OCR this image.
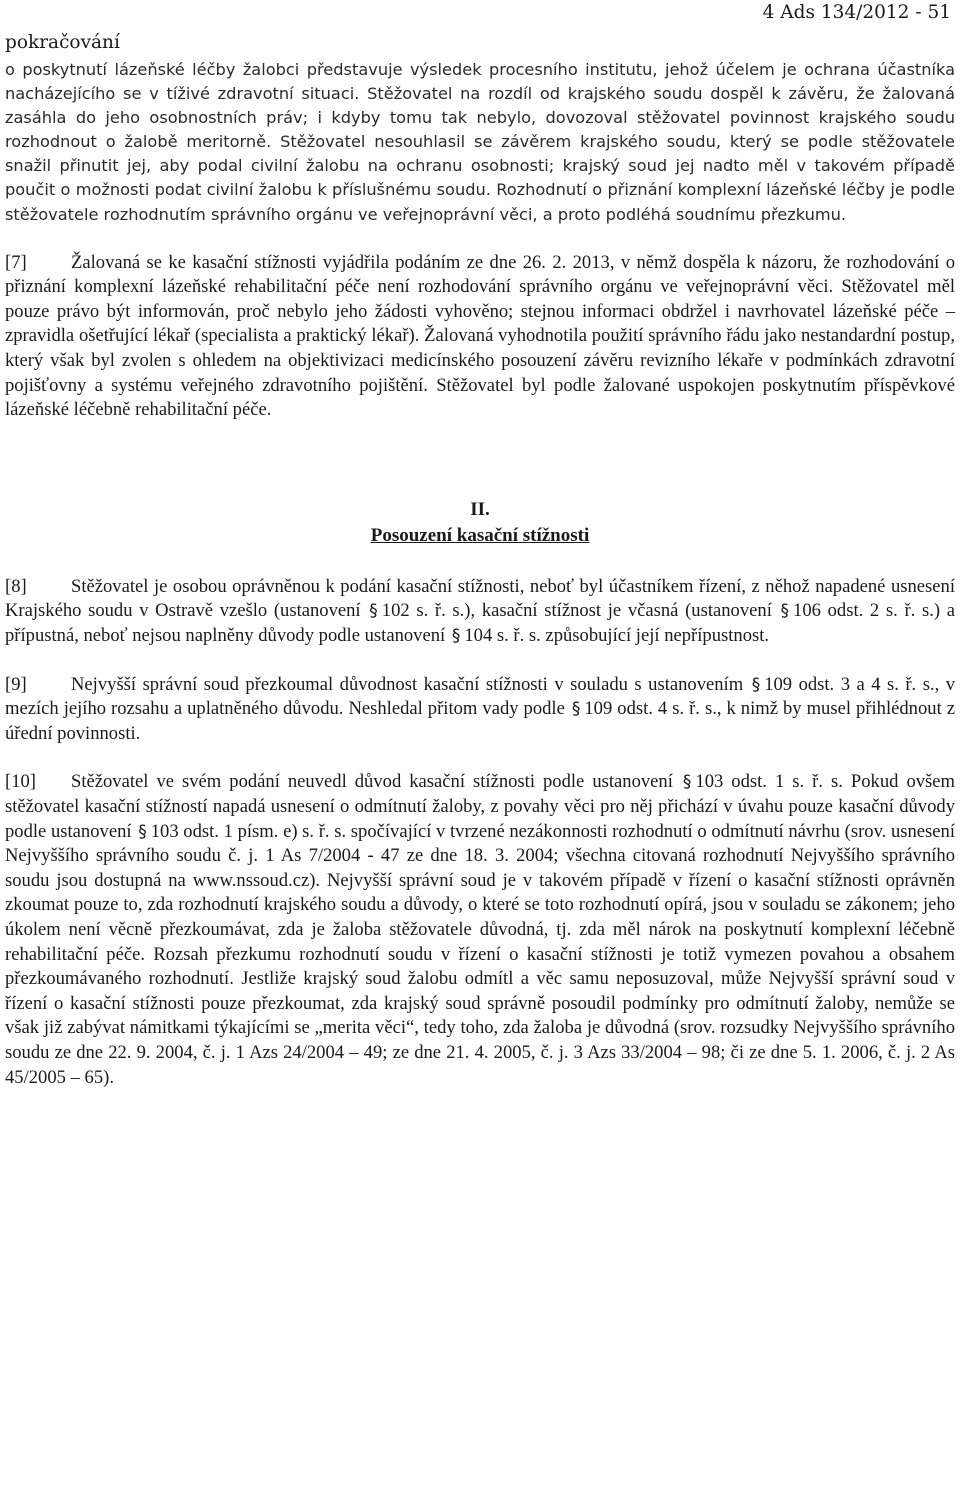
pokračování
4 Ads 134/2012 - 51

o poskytnutí lázeňské léčby žalobci představuje výsledek procesního institutu, jehož účelem je ochrana účastníka nacházejícího se v tíživé zdravotní situaci. Stěžovatel na rozdíl od krajského soudu dospěl k závěru, že žalovaná zasáhla do jeho osobnostních práv; i kdyby tomu tak nebylo, dovozoval stěžovatel povinnost krajského soudu rozhodnout o žalobě meritorně. Stěžovatel nesouhlasil se závěrem krajského soudu, který se podle stěžovatele snažil přinutit jej, aby podal civilní žalobu na ochranu osobnosti; krajský soud jej nadto měl v takovém případě poučit o možnosti podat civilní žalobu k příslušnému soudu. Rozhodnutí o přiznání komplexní lázeňské léčby je podle stěžovatele rozhodnutím správního orgánu ve veřejnoprávní věci, a proto podléhá soudnímu přezkumu.

[7] Žalovaná se ke kasační stížnosti vyjádřila podáním ze dne 26. 2. 2013, v němž dospěla k názoru, že rozhodování o přiznání komplexní lázeňské rehabilitační péče není rozhodování správního orgánu ve veřejnoprávní věci. Stěžovatel měl pouze právo být informován, proč nebylo jeho žádosti vyhověno; stejnou informaci obdržel i navrhovatel lázeňské péče – zpravidla ošetřující lékař (specialista a praktický lékař). Žalovaná vyhodnotila použití správního řádu jako nestandardní postup, který však byl zvolen s ohledem na objektivizaci medicínského posouzení závěru revizního lékaře v podmínkách zdravotní pojišťovny a systému veřejného zdravotního pojištění. Stěžovatel byl podle žalované uspokojen poskytnutím příspěvkové lázeňské léčebně rehabilitační péče.

II.

Posouzení kasační stížnosti

[8] Stěžovatel je osobou oprávněnou k podání kasační stížnosti, neboť byl účastníkem řízení, z něhož napadené usnesení Krajského soudu v Ostravě vzešlo (ustanovení § 102 s. ř. s.), kasační stížnost je včasná (ustanovení § 106 odst. 2 s. ř. s.) a přípustná, neboť nejsou naplněny důvody podle ustanovení § 104 s. ř. s. způsobující její nepřípustnost.

[9] Nejvyšší správní soud přezkoumal důvodnost kasační stížnosti v souladu s ustanovením § 109 odst. 3 a 4 s. ř. s., v mezích jejího rozsahu a uplatněného důvodu. Neshledal přitom vady podle § 109 odst. 4 s. ř. s., k nimž by musel přihlédnout z úřední povinnosti.

[10] Stěžovatel ve svém podání neuvedl důvod kasační stížnosti podle ustanovení § 103 odst. 1 s. ř. s. Pokud ovšem stěžovatel kasační stížností napadá usnesení o odmítnutí žaloby, z povahy věci pro něj přichází v úvahu pouze kasační důvody podle ustanovení § 103 odst. 1 písm. e) s. ř. s. spočívající v tvrzené nezákonnosti rozhodnutí o odmítnutí návrhu (srov. usnesení Nejvyššího správního soudu č. j. 1 As 7/2004 - 47 ze dne 18. 3. 2004; všechna citovaná rozhodnutí Nejvyššího správního soudu jsou dostupná na www.nssoud.cz). Nejvyšší správní soud je v takovém případě v řízení o kasační stížnosti oprávněn zkoumat pouze to, zda rozhodnutí krajského soudu a důvody, o které se toto rozhodnutí opírá, jsou v souladu se zákonem; jeho úkolem není věcně přezkoumávat, zda je žaloba stěžovatele důvodná, tj. zda měl nárok na poskytnutí komplexní léčebně rehabilitační péče. Rozsah přezkumu rozhodnutí soudu v řízení o kasační stížnosti je totiž vymezen povahou a obsahem přezkoumávaného rozhodnutí. Jestliže krajský soud žalobu odmítl a věc samu neposuzoval, může Nejvyšší správní soud v řízení o kasační stížnosti pouze přezkoumat, zda krajský soud správně posoudil podmínky pro odmítnutí žaloby, nemůže se však již zabývat námitkami týkajícími se „merita věci“, tedy toho, zda žaloba je důvodná (srov. rozsudky Nejvyššího správního soudu ze dne 22. 9. 2004, č. j. 1 Azs 24/2004 – 49; ze dne 21. 4. 2005, č. j. 3 Azs 33/2004 – 98; či ze dne 5. 1. 2006, č. j. 2 As 45/2005 – 65).
